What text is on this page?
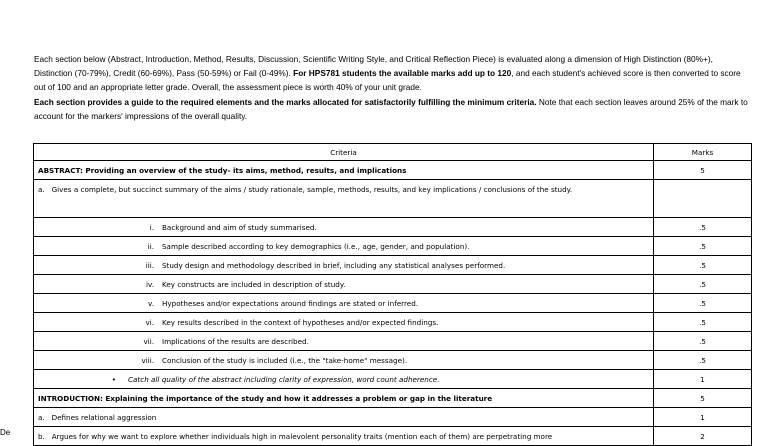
Each section below (Abstract, Introduction, Method, Results, Discussion, Scientific Writing Style, and Critical Reflection Piece) is evaluated along a dimension of High Distinction (80%+), Distinction (70-79%), Credit (60-69%), Pass (50-59%) or Fail (0-49%). For HPS781 students the available marks add up to 120, and each student's achieved score is then converted to score out of 100 and an appropriate letter grade. Overall, the assessment piece is worth 40% of your unit grade.

Each section provides a guide to the required elements and the marks allocated for satisfactorily fulfilling the minimum criteria. Note that each section leaves around 25% of the mark to account for the markers' impressions of the overall quality.

Criteria	Marks
ABSTRACT: Providing an overview of the study- its aims, method, results, and implications	5
a. Gives a complete, but succinct summary of the aims / study rationale, sample, methods, results, and key implications / conclusions of the study.	
i. Background and aim of study summarised.	.5
ii. Sample described according to key demographics (i.e., age, gender, and population).	.5
iii. Study design and methodology described in brief, including any statistical analyses performed.	.5
iv. Key constructs are included in description of study.	.5
v. Hypotheses and/or expectations around findings are stated or inferred.	.5
vi. Key results described in the context of hypotheses and/or expected findings.	.5
vii. Implications of the results are described.	.5
viii. Conclusion of the study is included (i.e., the "take-home" message).	.5
• Catch all quality of the abstract including clarity of expression, word count adherence.	1
INTRODUCTION: Explaining the importance of the study and how it addresses a problem or gap in the literature	5
a. Defines relational aggression	1
b. Argues for why we want to explore whether individuals high in malevolent personality traits (mention each of them) are perpetrating more	2
De
